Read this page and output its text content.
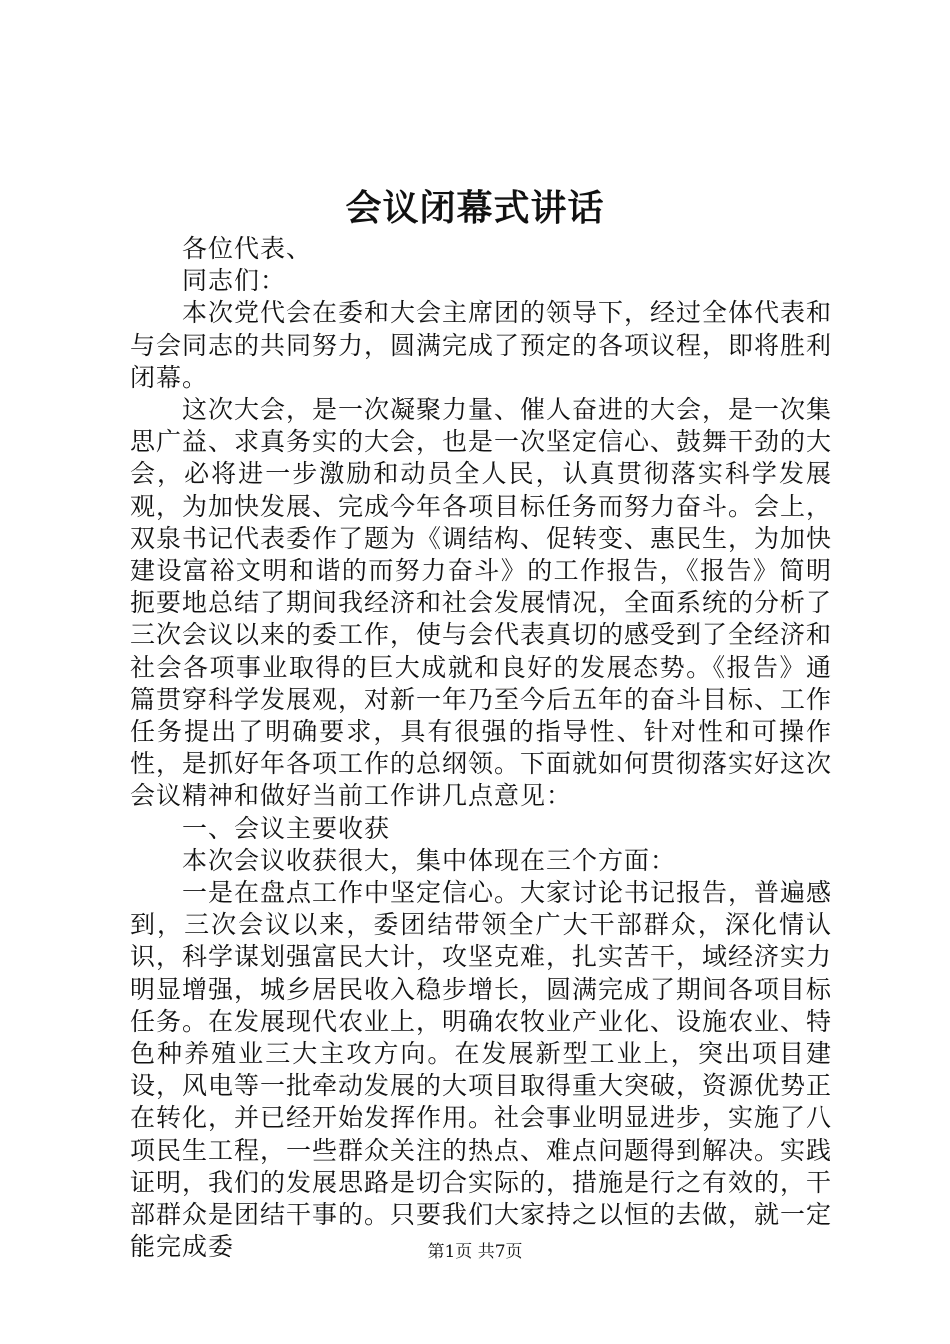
会议闭幕式讲话

各位代表、

同志们：

本次党代会在委和大会主席团的领导下，经过全体代表和与会同志的共同努力，圆满完成了预定的各项议程，即将胜利闭幕。

这次大会，是一次凝聚力量、催人奋进的大会，是一次集思广益、求真务实的大会，也是一次坚定信心、鼓舞干劲的大会，必将进一步激励和动员全人民，认真贯彻落实科学发展观，为加快发展、完成今年各项目标任务而努力奋斗。会上，双泉书记代表委作了题为《调结构、促转变、惠民生，为加快建设富裕文明和谐的而努力奋斗》的工作报告，《报告》简明扼要地总结了期间我经济和社会发展情况，全面系统的分析了三次会议以来的委工作，使与会代表真切的感受到了全经济和社会各项事业取得的巨大成就和良好的发展态势。《报告》通篇贯穿科学发展观，对新一年乃至今后五年的奋斗目标、工作任务提出了明确要求，具有很强的指导性、针对性和可操作性，是抓好年各项工作的总纲领。下面就如何贯彻落实好这次会议精神和做好当前工作讲几点意见：

一、会议主要收获

本次会议收获很大，集中体现在三个方面：

一是在盘点工作中坚定信心。大家讨论书记报告，普遍感到，三次会议以来，委团结带领全广大干部群众，深化情认识，科学谋划强富民大计，攻坚克难，扎实苦干，域经济实力明显增强，城乡居民收入稳步增长，圆满完成了期间各项目标任务。在发展现代农业上，明确农牧业产业化、设施农业、特色种养殖业三大主攻方向。在发展新型工业上，突出项目建设，风电等一批牵动发展的大项目取得重大突破，资源优势正在转化，并已经开始发挥作用。社会事业明显进步，实施了八项民生工程，一些群众关注的热点、难点问题得到解决。实践证明，我们的发展思路是切合实际的，措施是行之有效的，干部群众是团结干事的。只要我们大家持之以恒的去做，就一定能完成委	第1页 共7页
